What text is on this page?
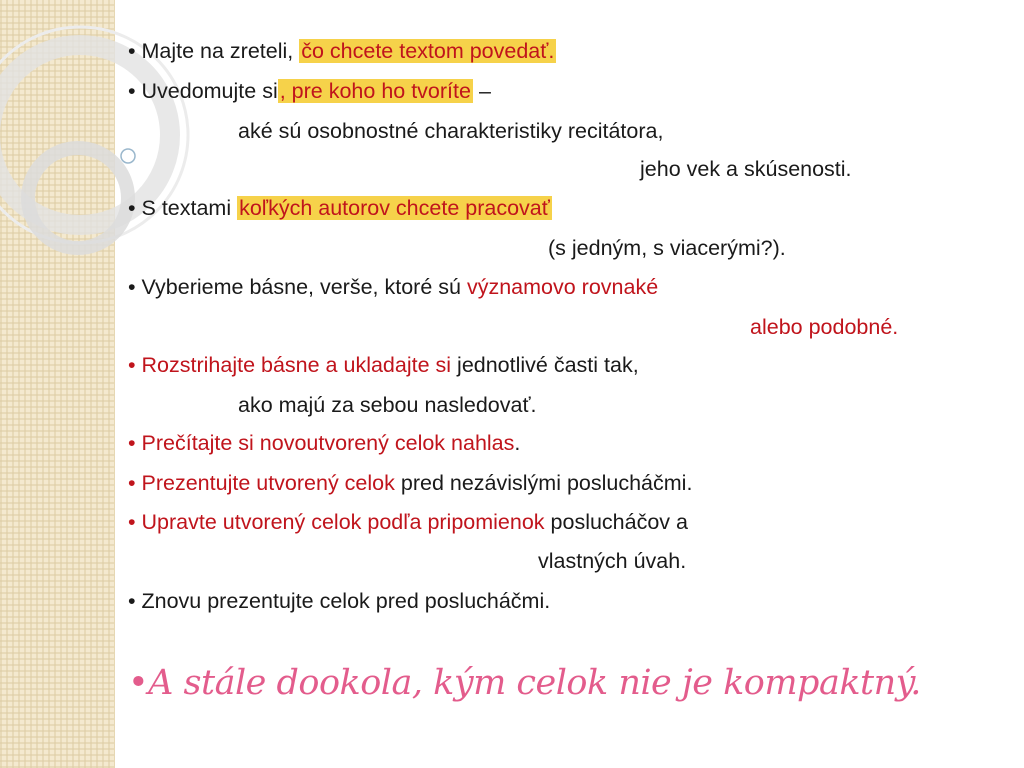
• Majte na zreteli, čo chcete textom povedať.
• Uvedomujte si, pre koho ho tvoríte –
aké sú osobnostné charakteristiky recitátora,
jeho vek a skúsenosti.
• S textami koľkých autorov chcete pracovať
(s jedným, s viacerými?).
• Vyberieme básne, verše, ktoré sú významovo rovnaké
alebo podobné.
• Rozstrihajte básne a ukladajte si jednotlivé časti tak,
ako majú za sebou nasledovať.
• Prečítajte si novoutvorený celok nahlas.
• Prezentujte utvorený celok pred nezávislými poslucháčmi.
• Upravte utvorený celok podľa pripomienok poslucháčov a
vlastných úvah.
• Znovu prezentujte celok pred poslucháčmi.
•A stále dookola, kým celok nie je kompaktný.
